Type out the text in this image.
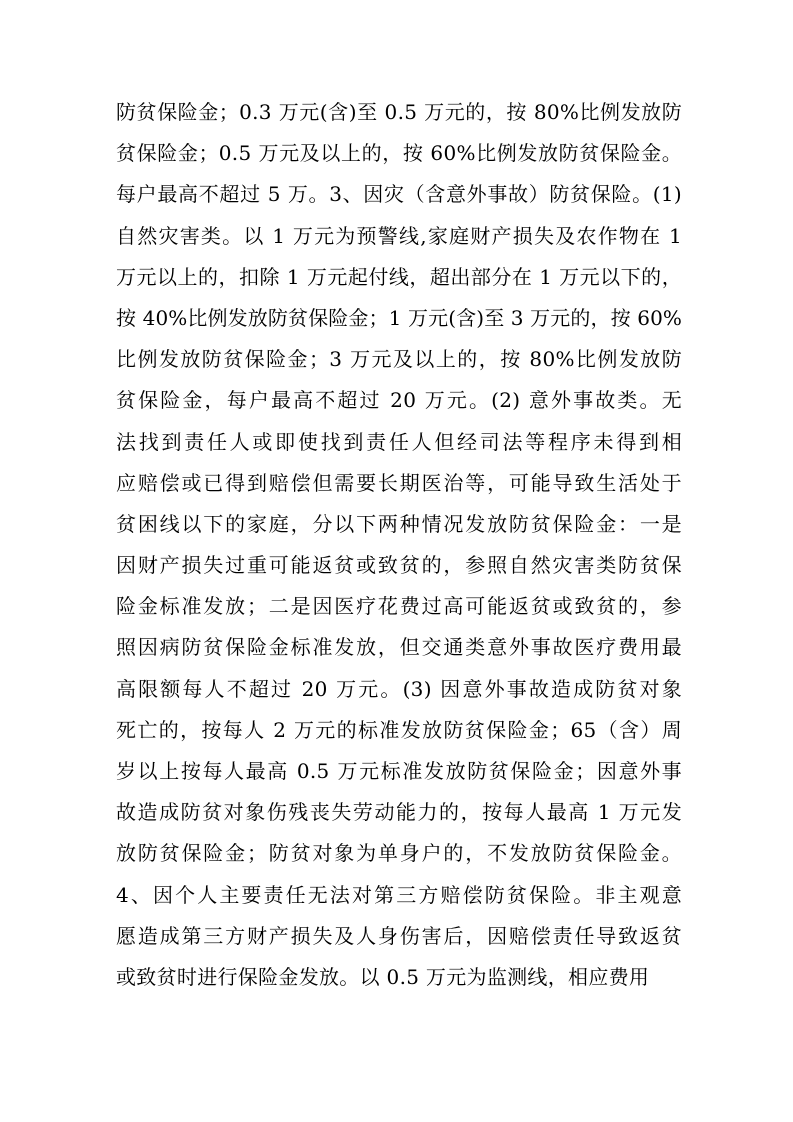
防贫保险金；0.3 万元(含)至 0.5 万元的，按 80%比例发放防
贫保险金；0.5 万元及以上的，按 60%比例发放防贫保险金。
每户最高不超过 5 万。3、因灾（含意外事故）防贫保险。(1)
自然灾害类。以 1 万元为预警线,家庭财产损失及农作物在 1
万元以上的，扣除 1 万元起付线，超出部分在 1 万元以下的，
按 40%比例发放防贫保险金；1 万元(含)至 3 万元的，按 60%
比例发放防贫保险金；3 万元及以上的，按 80%比例发放防
贫保险金，每户最高不超过 20 万元。(2) 意外事故类。无
法找到责任人或即使找到责任人但经司法等程序未得到相
应赔偿或已得到赔偿但需要长期医治等，可能导致生活处于
贫困线以下的家庭，分以下两种情况发放防贫保险金：一是
因财产损失过重可能返贫或致贫的，参照自然灾害类防贫保
险金标准发放；二是因医疗花费过高可能返贫或致贫的，参
照因病防贫保险金标准发放，但交通类意外事故医疗费用最
高限额每人不超过 20 万元。(3) 因意外事故造成防贫对象
死亡的，按每人 2 万元的标准发放防贫保险金；65（含）周
岁以上按每人最高 0.5 万元标准发放防贫保险金；因意外事
故造成防贫对象伤残丧失劳动能力的，按每人最高 1 万元发
放防贫保险金；防贫对象为单身户的，不发放防贫保险金。
4、因个人主要责任无法对第三方赔偿防贫保险。非主观意
愿造成第三方财产损失及人身伤害后，因赔偿责任导致返贫
或致贫时进行保险金发放。以 0.5 万元为监测线，相应费用
